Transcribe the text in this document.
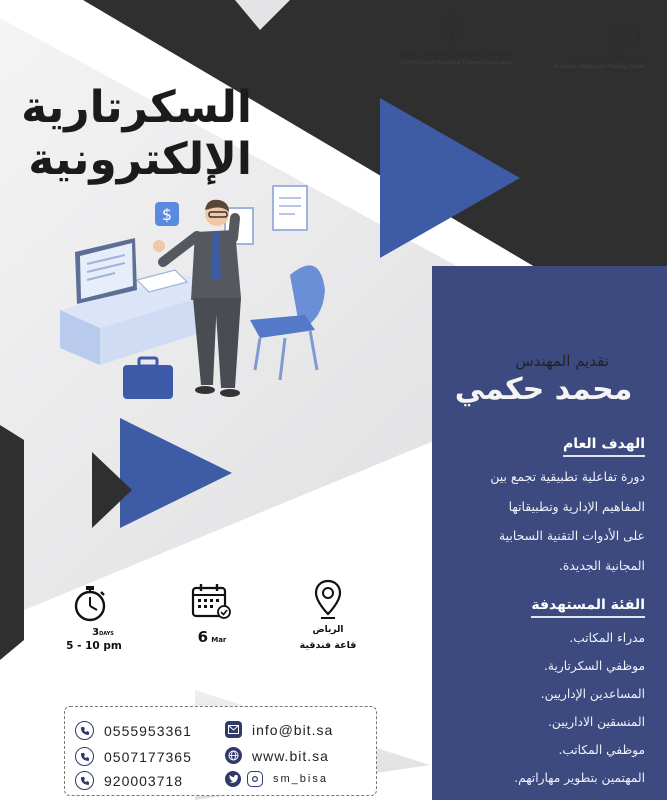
المؤسسة العامة للتدريب التقني والمهني
Technical and Vocational Training Corporation
170848534
مركز ذكاء الأعمال للتدريب
Business Intelligence Training Center
السكرتارية
الإلكترونية
$
تقديم المهندس
محمد حكمي
الهدف العام
دورة تفاعلية تطبيقية تجمع بين
المفاهيم الإدارية وتطبيقاتها
على الأدوات التقنية السحابية
المجانية الجديدة.
الفئة المستهدفة
مدراء المكاتب.
موظفي السكرتارية.
المساعدين الإداريين.
المنسقين الاداريين.
موظفي المكاتب.
المهتمين بتطوير مهاراتهم.
3DAYS
5 - 10 pm	6 Mar
الرياض
قاعة فندقية
0555953361
0507177365
920003718
info@bit.sa
www.bit.sa
sm_bisa
